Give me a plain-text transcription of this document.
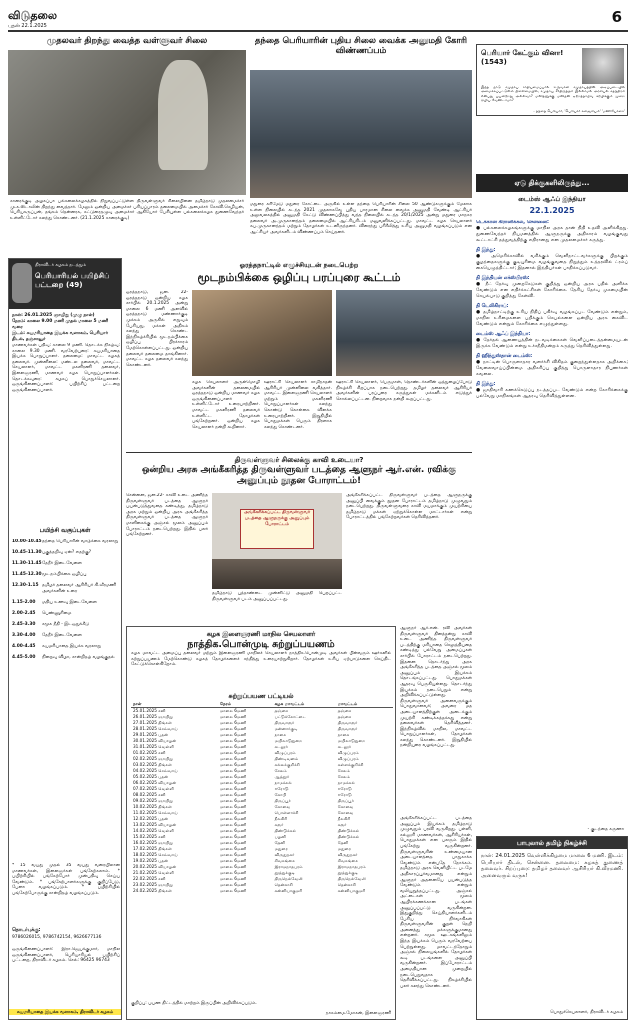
விடுதலை
புதன் 22.1.2025	6
முதலவர் திறந்து வைத்த வள்ளுவர் சிலை
காரைக்குடி அழகப்பா பல்கலைக்கழகத்தில் நிறுவப்பட்டுள்ள திருவள்ளுவர் சிலையினை தமிழ்நாடு முதலமைச்சர் மு.க.ஸ்டாலின் திறந்து வைத்தார். மேலும் ஒன்றிய அமைச்சர் பசியப்பாரம் தலைமையில் அமைச்சர் கோவி.செழியன், பெரியகருப்பன், தங்கம் தென்னரசு, கட்டுரைதழுவு அமைச்சர் ஆகியோர் பேசியுள்ள பல்கலைக்கழக துணைவேந்தர் உள்ளிட்டோர் கலந்து கொண்டனர். (21.1.2025 காரைக்குடி)
தந்தை பெரியாரின் புதிய சிலை வைக்க அனுமதி கோரி விண்ணப்பம்
மதுரை கரிமேடு மதுரை கோட்டை அருகில் உள்ள தந்தை பெரியாரின் சிலை 50 ஆண்டுகளுக்கும் மேலாக உள்ள நிலையில் கடந்த 2021 முதலாகவே புதிய பாரமான சிலை வைக்க அனுமதி வேண்டி ஆட்சியர் அலுவலகத்தில் அனுமதி கேட்டு விண்ணப்பித்து வந்த நிலையில் கடந்த 20/1/2025 அன்று மதுரை மாநகர தலைவர் அ.முருகானந்தம் தலைமையில் ஆட்சியரிடம் மனுவளிக்கப்பட்டது. மாவட்ட கழக செயலாளர் சுப.முருகானந்தம் மற்றும் தோழர்கள் உடனிருந்தனர். விரைந்து பரிசீலித்து உரிய அனுமதி வழங்கப்படும் என ஆட்சியர் அவர்களிடம் விண்ணப்பம் செய்தனர்.
பெரியார் கேட்கும் வினா! (1543)
இந்த நாடு சமுதாய சாதியமைப்பால் உருவான சமுதாயத்தின் அடிப்படையில் அமைக்கப்பட்டுள்ள நிலைமையில், சமுதாய சீர்திருத்தம் இல்லாமல் அரசியல் சுதந்திரம் என்பது பயனற்றது அல்லவா? மனிதனுக்கு மனிதன் ஏற்றத்தாழ்வு கற்பிக்கும் முறை ஒழிய வேண்டாமா?
- தந்தை பெரியார், 'பெரியார் களஞ்சியம்' 'மணியோசை'
ஏடு திக்குகளிலிருந்து...
டைம்ஸ் ஆஃப் இந்தியா
22.1.2025
டெக்கான் கிரானிக்கல், சென்னை:
● பல்கலைக்கழகங்களுக்கு மாநில அரசு தான் நிதி உதவி அளிக்கிறது. துணைவேந்தர் நியமனத்தில் ஆளுநருக்கு அதிகாரம் வழங்குவது கூட்டாட்சி தத்துவத்திற்கு எதிரானது என முதலமைச்சர் கருத்து.
தி இந்து:
● அமெரிக்காவில் வசிக்கும் வெளிநாட்டவர்களுக்கு பிறக்கும் குழந்தைகளுக்கு குடியுரிமை வழங்குவதை நிறுத்தும் உத்தரவில் ட்ரம்ப் கையெழுத்திட்டார்; இதனால் இந்தியர்கள் பாதிக்கப்படுவர்.
தி இந்தியன் எக்ஸ்பிரஸ்:
● நீட் தேர்வு முறைகேடுகள் குறித்து ஒன்றிய அரசு பதில் அளிக்க வேண்டும் என எதிர்க்கட்சிகள் கோரிக்கை. தேசிய தேர்வு முகமையின் செயல்பாடு குறித்து கேள்வி.
தி டெலிகிராப்:
● தமிழ்நாட்டிற்கு உரிய நிதிப் பகிர்வு வழங்கப்பட வேண்டும் என்றும், மாநில உரிமைகளை பறிக்கும் செயல்களை ஒன்றிய அரசு கைவிட வேண்டும் என்றும் கோரிக்கை எழுந்துள்ளது.
டைம்ஸ் ஆஃப் இந்தியா:
● தேர்தல் ஆணையத்தின் நடவடிக்கைகள் வெளிப்படைத்தன்மையுடன் இருக்க வேண்டும் என்று உச்சநீதிமன்றம் கருத்து தெரிவித்துள்ளது.
தி ஹிந்துஸ்தான் டைம்ஸ்:
● நாட்டின் பொருளாதார வளர்ச்சி விகிதம் குறைந்துள்ளதாக அறிக்கை; வேலைவாய்ப்பின்மை அதிகரிப்பு குறித்து பொருளாதார நிபுணர்கள் கவலை.
தி இந்து:
● ஜாதிவாரி கணக்கெடுப்பு நடத்தப்பட வேண்டும் என்ற கோரிக்கைக்கு பல்வேறு மாநிலங்கள் ஆதரவு தெரிவித்துள்ளன.
- குடந்தை கருணா
பாபுலால் தமிழ் நிகழ்ச்சி
நாள்: 24.01.2025 வெள்ளிக்கிழமை மாலை 6 மணி. இடம்: பெரியார் திடல், சென்னை. தலைமை: கழகத் துணைத் தலைவர். சிறப்புரை: தமிழர் தலைவர் ஆசிரியர் கி.வீரமணி. அனைவரும் வருக!
பொதுச்செயலாளர், திராவிடர் கழகம்
திராவிடர் கழகம் நடத்தும்
பெரியாரியல் பயிற்சிப் பட்டறை (49)
நாள்: 26.01.2025 ஞாயிறு (முழு நாள்)
நேரம்: காலை 9.00 மணி முதல் மாலை 5 மணி வரை
இடம்: சுயமரியாதை இயக்க வளாகம், பெரியார் திடல், தஞ்சாவூர்
மாணவர்கள் பதிவு: காலை 9 மணி. தொடக்க நிகழ்வு: காலை 9.30 மணி. வரவேற்புரை: சுயமரியாதை இயக்க பொறுப்பாளர். தலைமை: மாவட்ட கழகத் தலைவர். முன்னிலை: மண்டல தலைவர், மாவட்ட செயலாளர், மாவட்ட மகளிரணி தலைவர், இளைஞரணி, மாணவர் கழக பொறுப்பாளர்கள். தொடக்கவுரை: கழகப் பொதுச்செயலாளர். ஒருங்கிணைப்பாளர்: பயிற்சிப் பட்டறை ஒருங்கிணைப்பாளர்.
பயிற்சி வகுப்புகள்
10.00-10.45 தந்தை பெரியாரின் வாழ்க்கை வரலாறு
10.45-11.30 பகுத்தறிவு ஏன்? எதற்கு?
11.30-11.45 தேநீர் இடைவேளை
11.45-12.30 மூடநம்பிக்கை ஒழிப்பு
12.30-1.15 தமிழர் தலைவர் ஆசிரியர் கி.வீரமணி அவர்களின் உரை
1.15-2.00	மதிய உணவு இடைவேளை
2.00-2.45	பெண்ணுரிமை
2.45-3.30	சமூக நீதி - இடஒதுக்கீடு
3.30-4.00	தேநீர் இடைவேளை
4.00-4.45	சுயமரியாதை இயக்க வரலாறு
4.45-5.00	நிறைவு விழா, சான்றிதழ் வழங்குதல்
* 15 வயது முதல் 35 வயது வரையிலான மாணவர்கள், இளைஞர்கள் பங்கேற்கலாம். * பயிற்சியில் பங்கேற்போர் முன்பதிவு செய்ய வேண்டும். * பங்கேற்பாளர்களுக்கு குறிப்பேடு, பேனா வழங்கப்படும். * பயிற்சியில் பங்கேற்போருக்கு சான்றிதழ் வழங்கப்படும்.
தொடர்புக்கு:
9786026015, 9786742154, 9626677136
ஒருங்கிணைப்பாளர்: இரா.ஜெயக்குமார், மாநில ஒருங்கிணைப்பாளர், பெரியாரியல் பயிற்சிப் பட்டறை, திராவிடர் கழகம். செல்: 96425 96743
சுயமரியாதை இயக்க வளாகம், திராவிடர் கழகம்
ஓரத்தநாட்டில் எழுச்சியுடன் நடைபெற்ற
மூடநம்பிக்கை ஒழிப்பு பரப்புரை கூட்டம்
ஓரத்தநாடு, ஜன. 22- ஓரத்தநாடு ஒன்றிய கழக சார்பில் 20.1.2025 அன்று மாலை 6 மணி அளவில் ஓரத்தநாடு மண்ணார்குடி முக்கம் அருகில் எதுவும் பேசியது, மக்கள் அதிகம் கலந்து கொண்ட இந்நிகழ்ச்சியில் மூடநம்பிக்கை ஒழிப்பு பிரச்சாரம் மேற்கொள்ளப்பட்டது. ஒன்றிய தலைவர் தலைமை தாங்கினார். மாவட்ட கழக தலைவர் கலந்து கொண்டனர்.
கழக செயலாளர் அருள்மொழி அவர்களின் தலைமையில் ஓரத்தநாடு ஒன்றிய மாணவர் கழக ஒருங்கிணைப்பாளர் உள்ளிட்டோர் உரையாற்றினர். மாவட்ட மகளிரணி தலைவர் உள்ளிட்ட தோழர்கள் பங்கேற்றனர். ஒன்றிய கழக செயலாளர் நன்றி கூறினார்.
ஊராட்சி செயலாளர் சாமிநாதன் ஆசிரியர் முன்னிலை வகித்தார். மாவட்ட இளைஞரணி செயலாளர் மற்றும் மகளிரணி பொறுப்பாளர்கள் கலந்து கொண்டு கொள்கை விளக்க உரையாற்றினர். இறுதியில் பொதுமக்கள் பெரும் திரளாக கலந்து கொண்டனர்.
ஊராட்சி செயலாளர், பெருமாள், தொண்டர்களின் ஒத்துழைப்போடு நிகழ்ச்சி சிறப்பாக நடைபெற்றது. தமிழர் தலைவர் ஆசிரியர் அவர்களின் பரப்புரை கருத்துகள் மக்களிடம் எடுத்துச் சொல்லப்பட்டன. நிறைவாக நன்றி கூறப்பட்டது.
திருவள்ளுவர் சிலைக்கு காவி உடையா?
ஒன்றிய அரசு அங்கீகரித்த திருவள்ளுவர் படத்தை ஆளுநர் ஆர்.என். ரவிக்கு அனுப்பும் நூதன போராட்டம்!
சென்னை, ஜன.22- காவி உடை அணிந்த திருவள்ளுவர் படத்தை ஆளுநர் பயன்படுத்துவதை கண்டித்து, தமிழ்நாடு அரசு மற்றும் ஒன்றிய அரசு அங்கீகரித்த திருவள்ளுவர் படத்தை ஆளுநர் மாளிகைக்கு அஞ்சல் மூலம் அனுப்பும் போராட்டம் நடைபெற்றது. இதில் பலர் பங்கேற்றனர்.
அங்கீகரிக்கப்பட்ட திருவள்ளுவர் படத்தை ஆளுநருக்கு அனுப்பும் போராட்டம்
தமிழ்நாடு புத்தாண்டை முன்னிட்டு அனுமதி பெறப்பட்ட திருவள்ளுவர் படம் அனுப்பப்பட்டது.
அங்கீகரிக்கப்பட்ட திருவள்ளுவர் படத்தை ஆளுநருக்கு அனுப்பி வைக்கும் நூதன போராட்டம் தமிழ்நாடு முழுவதும் நடைபெற்றது. திருவள்ளுவரை காவி மயமாக்கும் முயற்சியை தமிழ்நாடு மக்கள் ஏற்றுக்கொள்ள மாட்டார்கள் என்று போராட்டத்தில் பங்கேற்றவர்கள் தெரிவித்தனர்.
கழக இளைஞரணி மாநில செயலாளர்
நாத்திக.பொன்முடி சுற்றுப்பயணம்
கழக மாவட்ட அமைப்பு தலைவர் மற்றும் இளைஞரணி மாநிலச் செயலாளர் நாத்திக.பொன்முடி அவர்கள் பின்வரும் ஊர்களில் சுற்றுப்பயணம் மேற்கொண்டு கழகத் தோழர்களைச் சந்தித்து உரையாற்றுகிறார். தோழர்கள் உரிய ஏற்பாடுகளை செய்திட கேட்டுக்கொள்கிறோம்.
சுற்றுப்பயண பட்டியல்
நாள்	நேரம்	கழக மாவட்டம்	மாவட்டம்
25.01.2025 சனி	மாலை 6மணி	தஞ்சை	தஞ்சை
26.01.2025 ஞாயிறு	மாலை 6மணி	பட்டுக்கோட்டை	தஞ்சை
27.01.2025 திங்கள்	மாலை 6மணி	திருவாரூர்	திருவாரூர்
28.01.2025 செவ்வாய்	மாலை 6மணி	மன்னார்குடி	திருவாரூர்
29.01.2025 புதன்	மாலை 6மணி	நாகை	நாகை
30.01.2025 வியாழன்	மாலை 6மணி	மயிலாடுதுறை	மயிலாடுதுறை
31.01.2025 வெள்ளி	மாலை 6மணி	கடலூர்	கடலூர்
01.02.2025 சனி	மாலை 6மணி	விழுப்புரம்	விழுப்புரம்
02.02.2025 ஞாயிறு	மாலை 6மணி	திண்டிவனம்	விழுப்புரம்
03.02.2025 திங்கள்	மாலை 6மணி	கல்லக்குறிச்சி	கள்ளக்குறிச்சி
04.02.2025 செவ்வாய்	மாலை 6மணி	சேலம்	சேலம்
05.02.2025 புதன்	மாலை 6மணி	ஆத்தூர்	சேலம்
06.02.2025 வியாழன்	மாலை 6மணி	நாமக்கல்	நாமக்கல்
07.02.2025 வெள்ளி	மாலை 6மணி	ஈரோடு	ஈரோடு
08.02.2025 சனி	மாலை 6மணி	கோபி	ஈரோடு
09.02.2025 ஞாயிறு	மாலை 6மணி	திருப்பூர்	திருப்பூர்
10.02.2025 திங்கள்	மாலை 6மணி	கோவை	கோவை
11.02.2025 செவ்வாய்	மாலை 6மணி	பொள்ளாச்சி	கோவை
12.02.2025 புதன்	மாலை 6மணி	நீலகிரி	நீலகிரி
13.02.2025 வியாழன்	மாலை 6மணி	கரூர்	கரூர்
14.02.2025 வெள்ளி	மாலை 6மணி	திண்டுக்கல்	திண்டுக்கல்
15.02.2025 சனி	மாலை 6மணி	பழனி	திண்டுக்கல்
16.02.2025 ஞாயிறு	மாலை 6மணி	தேனி	தேனி
17.02.2025 திங்கள்	மாலை 6மணி	மதுரை	மதுரை
18.02.2025 செவ்வாய்	மாலை 6மணி	விருதுநகர்	விருதுநகர்
19.02.2025 புதன்	மாலை 6மணி	சிவகங்கை	சிவகங்கை
20.02.2025 வியாழன்	மாலை 6மணி	இராமநாதபுரம்	இராமநாதபுரம்
21.02.2025 வெள்ளி	மாலை 6மணி	தூத்துக்குடி	தூத்துக்குடி
22.02.2025 சனி	மாலை 6மணி	திருநெல்வேலி	திருநெல்வேலி
23.02.2025 ஞாயிறு	மாலை 6மணி	தென்காசி	தென்காசி
24.02.2025 திங்கள்	மாலை 6மணி	கன்னியாகுமரி	கன்னியாகுமரி
குறிப்பு: பயண திட்டத்தில் மாற்றம் இருப்பின் அறிவிக்கப்படும்.
நாகம்மை.மோகன், இளைஞரணி
ஆளுநர் ஆர்.என். ரவி அவர்கள் திருவள்ளுவர் தினத்தன்று காவி உடை அணிந்த திருவள்ளுவர் படத்திற்கு மரியாதை செலுத்தியதை கண்டித்து பல்வேறு அமைப்புகள் சார்பில் போராட்டம் நடைபெற்றது. இதனை தொடர்ந்து அரசு அங்கீகரித்த படத்தை அஞ்சல் மூலம் அனுப்பும் இயக்கம் தொடங்கப்பட்டது. பொதுமக்கள் ஆதரவு பெருகியுள்ளது. தொடர்ந்து இயக்கம் நடைபெறும் என்று அறிவிக்கப்பட்டுள்ளது. திருவள்ளுவர் அனைவருக்கும் பொதுவானவர்; அவரை மத அடையாளத்திற்குள் அடைக்கும் முயற்சி கண்டிக்கத்தக்கது என்று தலைவர்கள் தெரிவித்தனர். இந்நிகழ்வில் மாநில, மாவட்ட பொறுப்பாளர்கள், தோழர்கள் கலந்து கொண்டனர். இறுதியில் நன்றியுரை வழங்கப்பட்டது.
அங்கீகரிக்கப்பட்ட படத்தை அனுப்பும் இயக்கம் தமிழ்நாடு முழுவதும் பரவி வருகிறது. பள்ளி, கல்லூரி மாணவர்கள், ஆசிரியர்கள், பொதுமக்கள் என பலரும் இதில் பங்கேற்று வருகின்றனர். திருவள்ளுவரின் உண்மையான அடையாளத்தை பாதுகாக்க வேண்டும் என்பதே நோக்கம். தமிழ்நாடு அரசு வெளியிட்ட படமே அதிகாரப்பூர்வமானது என்றும் ஆளுநர் அதனையே பயன்படுத்த வேண்டும் என்றும் வலியுறுத்தப்பட்டது. அஞ்சல் அட்டைகள் மூலம் ஆயிரக்கணக்கான படங்கள் அனுப்பப்பட்டு வருகின்றன. இதுகுறித்து செய்தியாளர்களிடம் பேசிய நிர்வாகிகள் திருவள்ளுவரின் குறள் நெறி அனைத்து மக்களுக்குமானது என்றனர். சமூக ஊடகங்களிலும் இந்த இயக்கம் பெரும் வரவேற்பை பெற்றுள்ளது. மாவட்டந்தோறும் அஞ்சல் நிலையங்களில் தோழர்கள் கூடி படங்களை அனுப்பி வருகின்றனர். இப்போராட்டம் அமைதியான முறையில் நடைபெறுவதாக தெரிவிக்கப்பட்டது. நிகழ்ச்சியில் பலர் கலந்து கொண்டனர்.
